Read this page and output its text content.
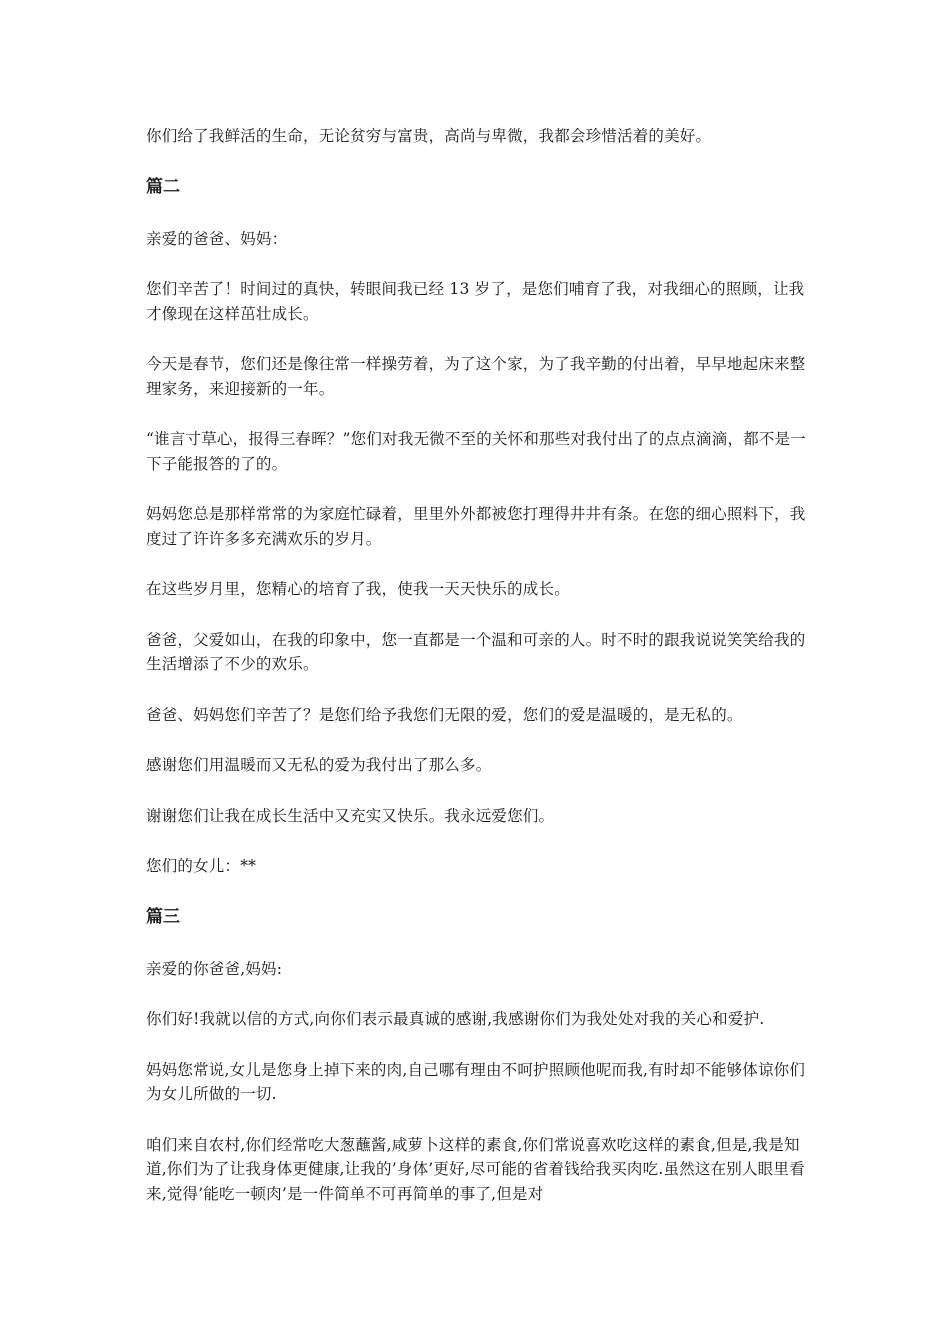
你们给了我鲜活的生命，无论贫穷与富贵，高尚与卑微，我都会珍惜活着的美好。

篇二

亲爱的爸爸、妈妈：

您们辛苦了！时间过的真快，转眼间我已经 13 岁了，是您们哺育了我，对我细心的照顾，让我才像现在这样茁壮成长。

今天是春节，您们还是像往常一样操劳着，为了这个家，为了我辛勤的付出着，早早地起床来整理家务，来迎接新的一年。

“谁言寸草心，报得三春晖？”您们对我无微不至的关怀和那些对我付出了的点点滴滴，都不是一下子能报答的了的。

妈妈您总是那样常常的为家庭忙碌着，里里外外都被您打理得井井有条。在您的细心照料下，我度过了许许多多充满欢乐的岁月。

在这些岁月里，您精心的培育了我，使我一天天快乐的成长。

爸爸，父爱如山，在我的印象中，您一直都是一个温和可亲的人。时不时的跟我说说笑笑给我的生活增添了不少的欢乐。

爸爸、妈妈您们辛苦了？是您们给予我您们无限的爱，您们的爱是温暖的，是无私的。

感谢您们用温暖而又无私的爱为我付出了那么多。

谢谢您们让我在成长生活中又充实又快乐。我永远爱您们。

您们的女儿：**

篇三

亲爱的你爸爸,妈妈:

你们好!我就以信的方式,向你们表示最真诚的感谢,我感谢你们为我处处对我的关心和爱护.

妈妈您常说,女儿是您身上掉下来的肉,自己哪有理由不呵护照顾他呢而我,有时却不能够体谅你们为女儿所做的一切.

咱们来自农村,你们经常吃大葱蘸酱,咸萝卜这样的素食,你们常说喜欢吃这样的素食,但是,我是知道,你们为了让我身体更健康,让我的’身体’更好,尽可能的省着钱给我买肉吃.虽然这在别人眼里看来,觉得’能吃一顿肉’是一件简单不可再简单的事了,但是对
